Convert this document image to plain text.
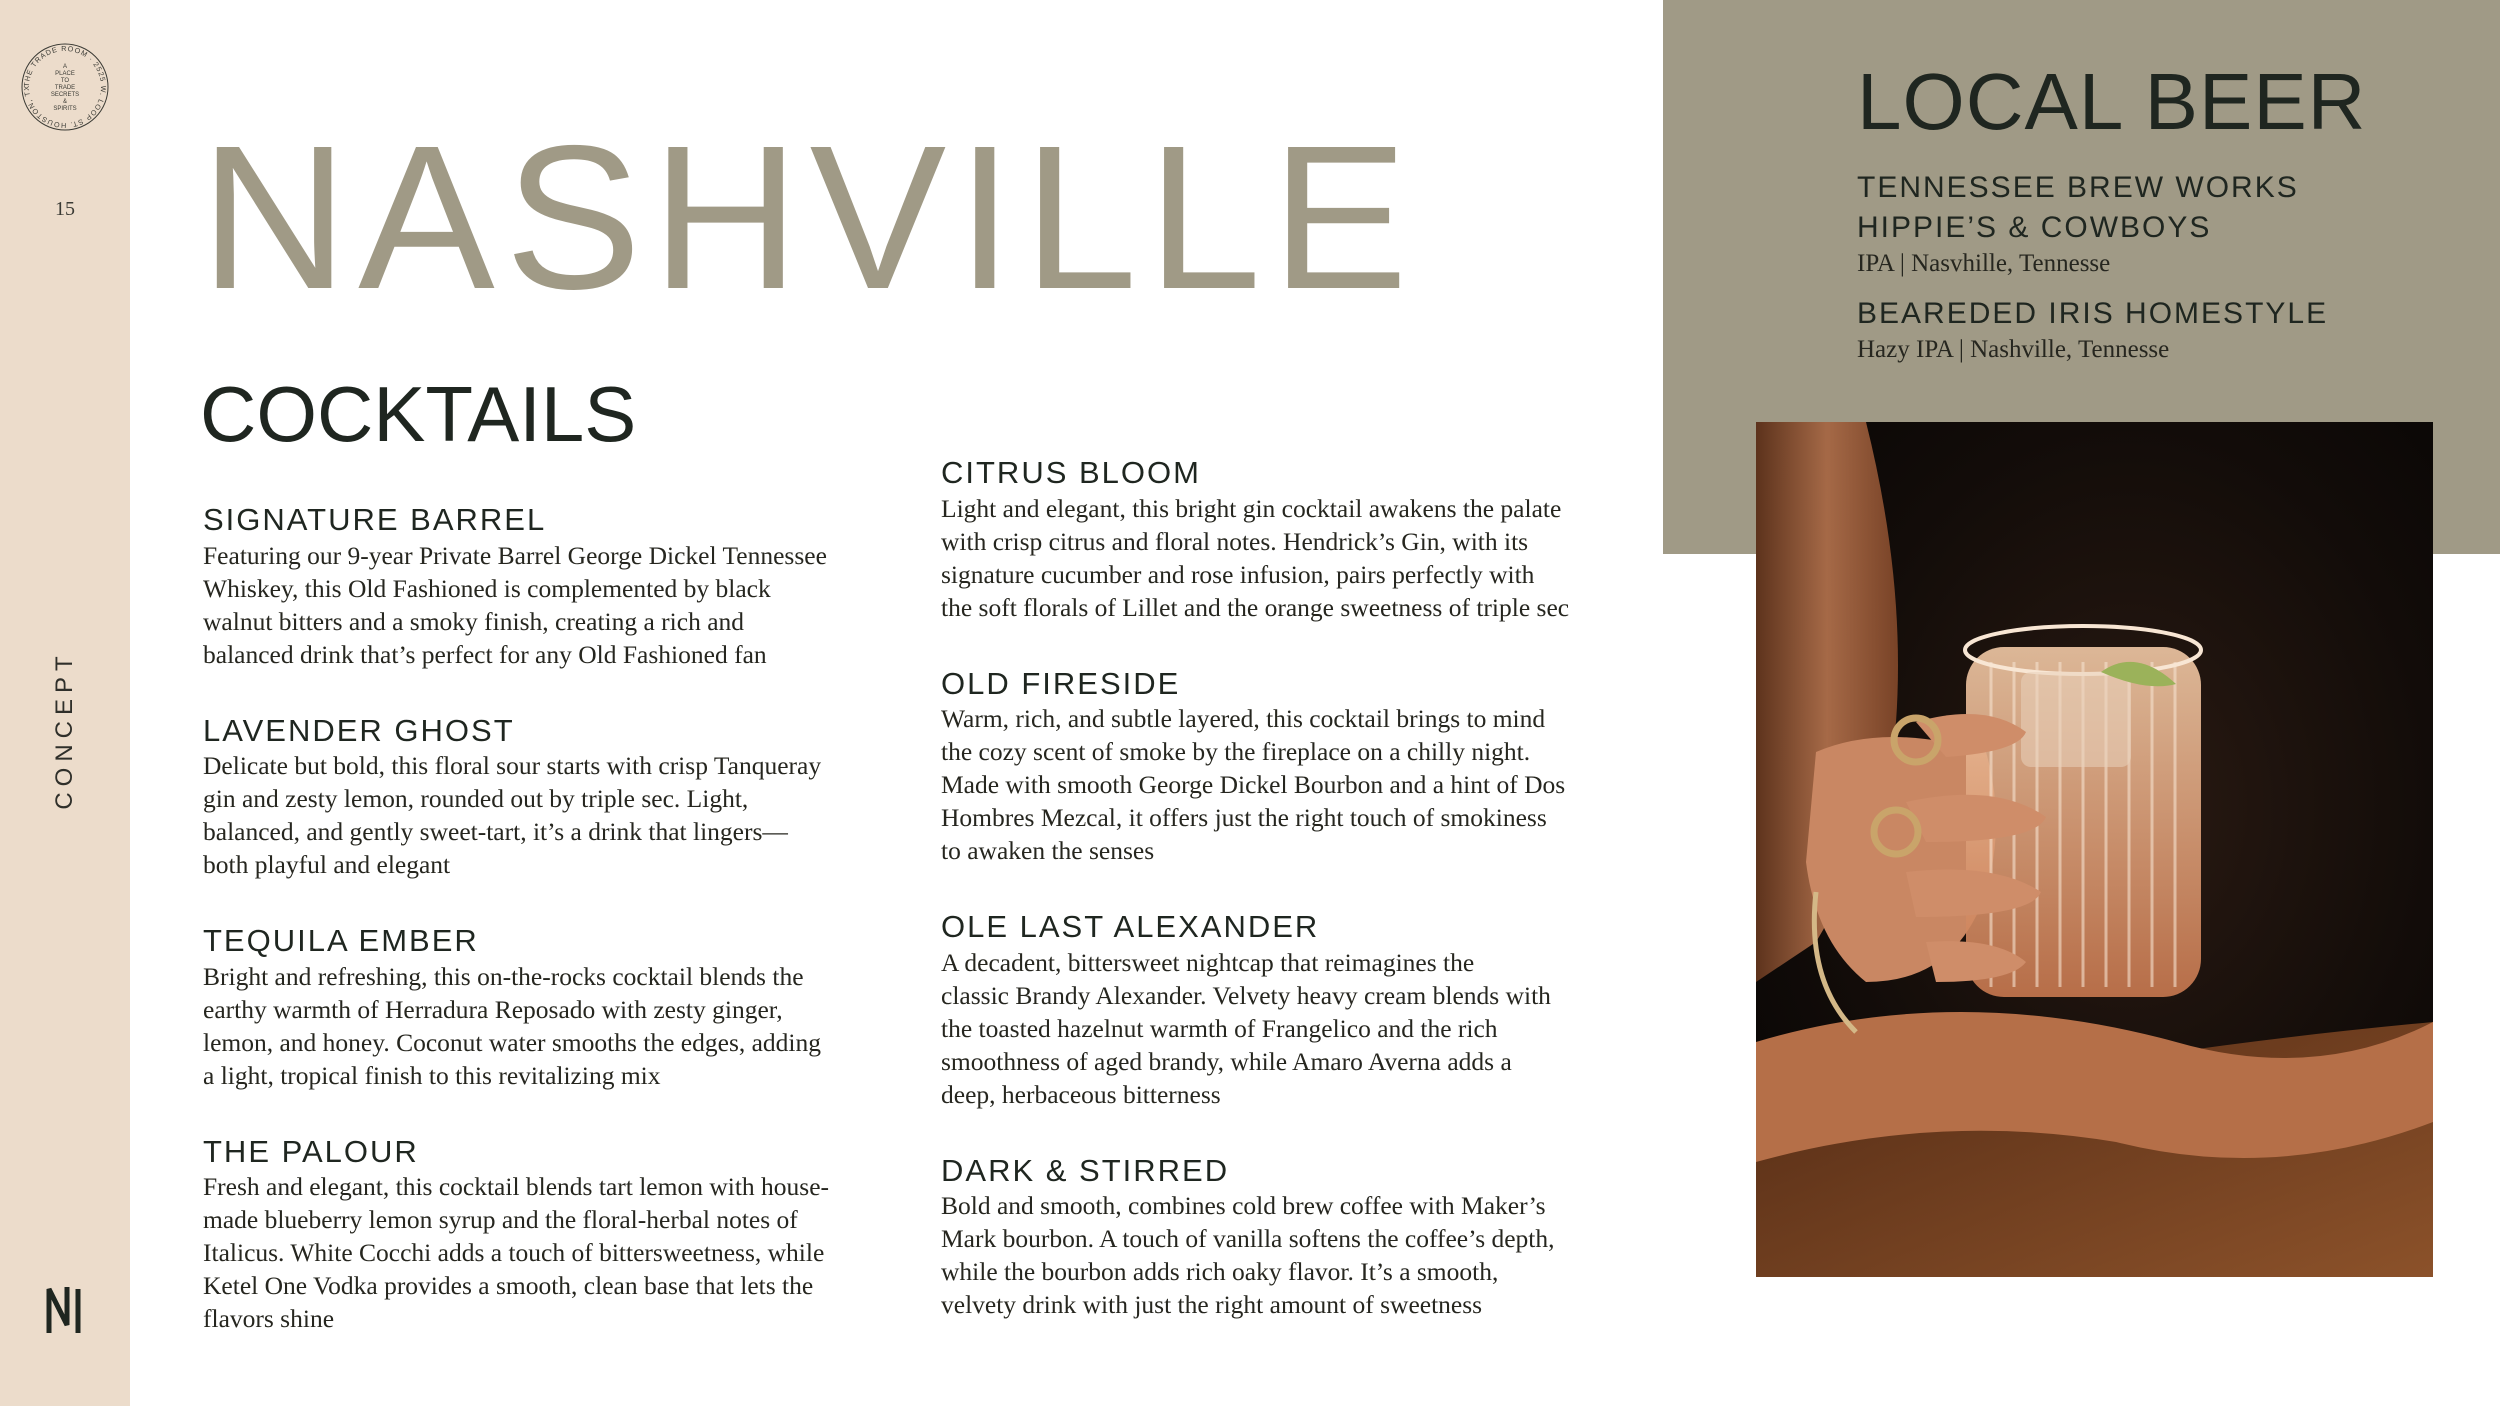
THE TRADE ROOM · 2525 W. LOOP ST. HOUSTON, TX
A
PLACE
TO
TRADE
SECRETS
&
SPIRITS
15
CONCEPT
NASHVILLE
COCKTAILS
SIGNATURE BARREL
Featuring our 9-year Private Barrel George Dickel Tennessee
Whiskey, this Old Fashioned is complemented by black
walnut bitters and a smoky finish, creating a rich and
balanced drink that’s perfect for any Old Fashioned fan
LAVENDER GHOST
Delicate but bold, this floral sour starts with crisp Tanqueray
gin and zesty lemon, rounded out by triple sec. Light,
balanced, and gently sweet-tart, it’s a drink that lingers—
both playful and elegant
TEQUILA EMBER
Bright and refreshing, this on-the-rocks cocktail blends the
earthy warmth of Herradura Reposado with zesty ginger,
lemon, and honey. Coconut water smooths the edges, adding
a light, tropical finish to this revitalizing mix
THE PALOUR
Fresh and elegant, this cocktail blends tart lemon with house-
made blueberry lemon syrup and the floral-herbal notes of
Italicus. White Cocchi adds a touch of bittersweetness, while
Ketel One Vodka provides a smooth, clean base that lets the
flavors shine
CITRUS BLOOM
Light and elegant, this bright gin cocktail awakens the palate
with crisp citrus and floral notes. Hendrick’s Gin, with its
signature cucumber and rose infusion, pairs perfectly with
the soft florals of Lillet and the orange sweetness of triple sec
OLD FIRESIDE
Warm, rich, and subtle layered, this cocktail brings to mind
the cozy scent of smoke by the fireplace on a chilly night.
Made with smooth George Dickel Bourbon and a hint of Dos
Hombres Mezcal, it offers just the right touch of smokiness
to awaken the senses
OLE LAST ALEXANDER
A decadent, bittersweet nightcap that reimagines the
classic Brandy Alexander. Velvety heavy cream blends with
the toasted hazelnut warmth of Frangelico and the rich
smoothness of aged brandy, while Amaro Averna adds a
deep, herbaceous bitterness
DARK & STIRRED
Bold and smooth, combines cold brew coffee with Maker’s
Mark bourbon. A touch of vanilla softens the coffee’s depth,
while the bourbon adds rich oaky flavor. It’s a smooth,
velvety drink with just the right amount of sweetness
LOCAL BEER
TENNESSEE BREW WORKS
HIPPIE’S & COWBOYS
IPA | Nasvhille, Tennesse
BEAREDED IRIS HOMESTYLE
Hazy IPA | Nashville, Tennesse
